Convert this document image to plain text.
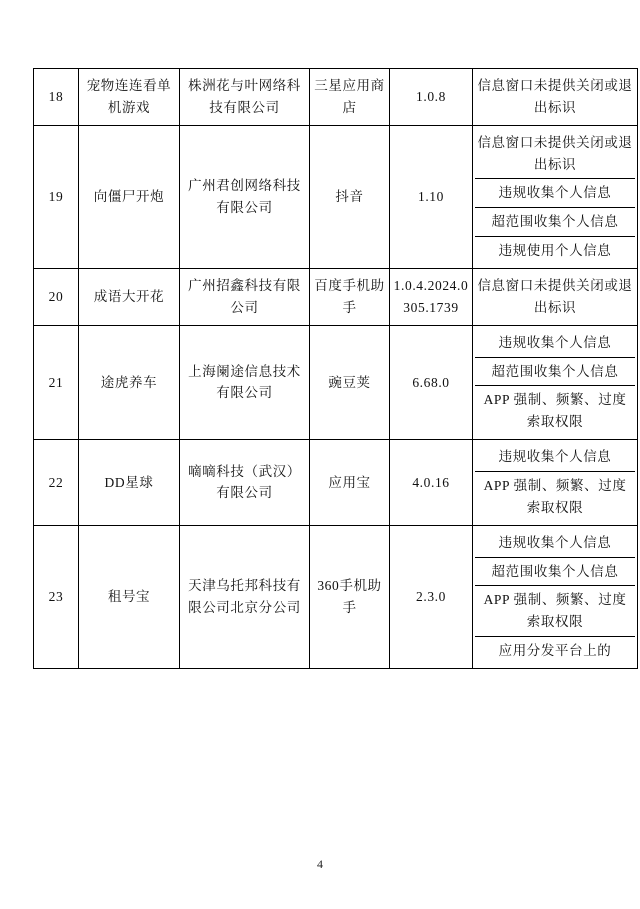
18	宠物连连看单机游戏	株洲花与叶网络科技有限公司	三星应用商店	1.0.8	
信息窗口未提供关闭或退出标识

19	向僵尸开炮	广州君创网络科技有限公司	抖音	1.10	
信息窗口未提供关闭或退出标识
违规收集个人信息
超范围收集个人信息
违规使用个人信息

20	成语大开花	广州招鑫科技有限公司	百度手机助手	1.0.4.2024.0305.1739	
信息窗口未提供关闭或退出标识

21	途虎养车	上海阑途信息技术有限公司	豌豆荚	6.68.0	
违规收集个人信息
超范围收集个人信息
APP 强制、频繁、过度索取权限

22	DD星球	嘀嘀科技（武汉）有限公司	应用宝	4.0.16	
违规收集个人信息
APP 强制、频繁、过度索取权限

23	租号宝	天津乌托邦科技有限公司北京分公司	360手机助手	2.3.0	
违规收集个人信息
超范围收集个人信息
APP 强制、频繁、过度索取权限
应用分发平台上的
4
